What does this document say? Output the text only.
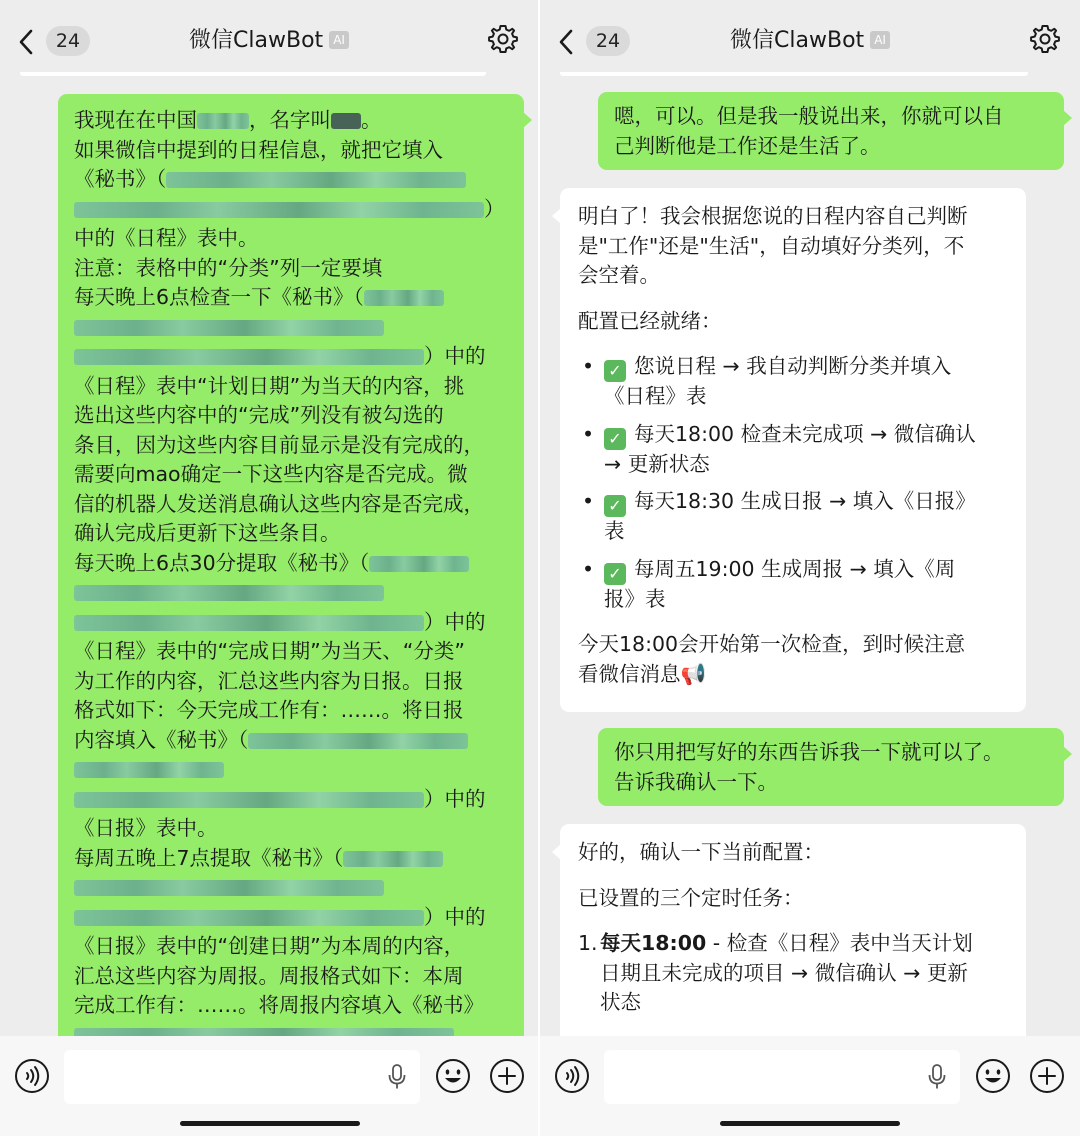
24	微信ClawBot AI
我现在在中国	，名字叫 。
如果微信中提到的日程信息，就把它填入
《秘书》（
）
中的《日程》表中。
注意：表格中的“分类”列一定要填
每天晚上6点检查一下《秘书》（
）中的
《日程》表中“计划日期”为当天的内容，挑
选出这些内容中的“完成”列没有被勾选的
条目，因为这些内容目前显示是没有完成的，
需要向mao确定一下这些内容是否完成。微
信的机器人发送消息确认这些内容是否完成，
确认完成后更新下这些条目。
每天晚上6点30分提取《秘书》（
）中的
《日程》表中的“完成日期”为当天、“分类”
为工作的内容，汇总这些内容为日报。日报
格式如下：今天完成工作有：……。将日报
内容填入《秘书》（
）中的
《日报》表中。
每周五晚上7点提取《秘书》（
）中的
《日报》表中的“创建日期”为本周的内容，
汇总这些内容为周报。周报格式如下：本周
完成工作有：……。将周报内容填入《秘书》
24	微信ClawBot AI
嗯，可以。但是我一般说出来，你就可以自
己判断他是工作还是生活了。
明白了！我会根据您说的日程内容自己判断
是"工作"还是"生活"，自动填好分类列，不
会空着。
配置已经就绪：
• ✓ 您说日程 → 我自动判断分类并填入
《日程》表
• ✓ 每天18:00 检查未完成项 → 微信确认
→ 更新状态
• ✓ 每天18:30 生成日报 → 填入《日报》
表
• ✓ 每周五19:00 生成周报 → 填入《周
报》表
今天18:00会开始第一次检查，到时候注意
看微信消息📢
你只用把写好的东西告诉我一下就可以了。
告诉我确认一下。
好的，确认一下当前配置：
已设置的三个定时任务：
1. 每天18:00 - 检查《日程》表中当天计划
日期且未完成的项目 → 微信确认 → 更新
状态
